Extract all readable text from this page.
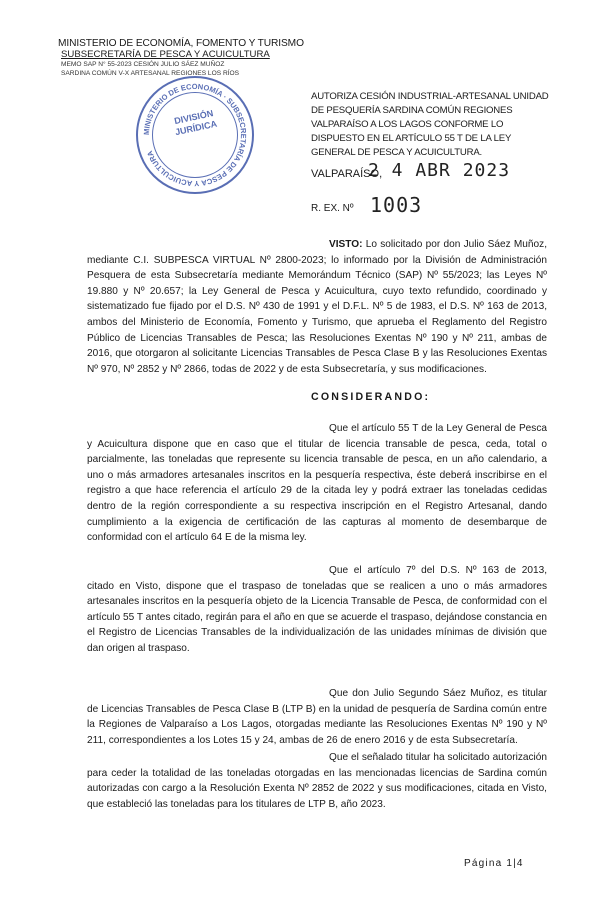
MINISTERIO DE ECONOMÍA, FOMENTO Y TURISMO
SUBSECRETARÍA DE PESCA Y ACUICULTURA
MEMO SAP N° 55-2023 CESIÓN JULIO SÁEZ MUÑOZ
SARDINA COMÚN V-X ARTESANAL REGIONES LOS RÍOS
MINISTERIO DE ECONOMÍA · SUBSECRETARÍA DE PESCA Y ACUICULTURA
DIVISIÓN JURÍDICA
AUTORIZA CESIÓN INDUSTRIAL-ARTESANAL UNIDAD DE PESQUERÍA SARDINA COMÚN REGIONES VALPARAÍSO A LOS LAGOS CONFORME LO DISPUESTO EN EL ARTÍCULO 55 T DE LA LEY GENERAL DE PESCA Y ACUICULTURA.
VALPARAÍSO,
2 4 ABR 2023
R. EX. Nº 1003
VISTO: Lo solicitado por don Julio Sáez Muñoz, mediante C.I. SUBPESCA VIRTUAL Nº 2800-2023; lo informado por la División de Administración Pesquera de esta Subsecretaría mediante Memorándum Técnico (SAP) Nº 55/2023; las Leyes Nº 19.880 y Nº 20.657; la Ley General de Pesca y Acuicultura, cuyo texto refundido, coordinado y sistematizado fue fijado por el D.S. Nº 430 de 1991 y el D.F.L. Nº 5 de 1983, el D.S. Nº 163 de 2013, ambos del Ministerio de Economía, Fomento y Turismo, que aprueba el Reglamento del Registro Público de Licencias Transables de Pesca; las Resoluciones Exentas Nº 190 y Nº 211, ambas de 2016, que otorgaron al solicitante Licencias Transables de Pesca Clase B y las Resoluciones Exentas Nº 970, Nº 2852 y Nº 2866, todas de 2022 y de esta Subsecretaría, y sus modificaciones.
CONSIDERANDO:
Que el artículo 55 T de la Ley General de Pesca y Acuicultura dispone que en caso que el titular de licencia transable de pesca, ceda, total o parcialmente, las toneladas que represente su licencia transable de pesca, en un año calendario, a uno o más armadores artesanales inscritos en la pesquería respectiva, éste deberá inscribirse en el registro a que hace referencia el artículo 29 de la citada ley y podrá extraer las toneladas cedidas dentro de la región correspondiente a su respectiva inscripción en el Registro Artesanal, dando cumplimiento a la exigencia de certificación de las capturas al momento de desembarque de conformidad con el artículo 64 E de la misma ley.
Que el artículo 7º del D.S. Nº 163 de 2013, citado en Visto, dispone que el traspaso de toneladas que se realicen a uno o más armadores artesanales inscritos en la pesquería objeto de la Licencia Transable de Pesca, de conformidad con el artículo 55 T antes citado, regirán para el año en que se acuerde el traspaso, dejándose constancia en el Registro de Licencias Transables de la individualización de las unidades mínimas de división que dan origen al traspaso.
Que don Julio Segundo Sáez Muñoz, es titular de Licencias Transables de Pesca Clase B (LTP B) en la unidad de pesquería de Sardina común entre la Regiones de Valparaíso a Los Lagos, otorgadas mediante las Resoluciones Exentas Nº 190 y Nº 211, correspondientes a los Lotes 15 y 24, ambas de 26 de enero 2016 y de esta Subsecretaría.
Que el señalado titular ha solicitado autorización para ceder la totalidad de las toneladas otorgadas en las mencionadas licencias de Sardina común autorizadas con cargo a la Resolución Exenta Nº 2852 de 2022 y sus modificaciones, citada en Visto, que estableció las toneladas para los titulares de LTP B, año 2023.
Página 1|4
